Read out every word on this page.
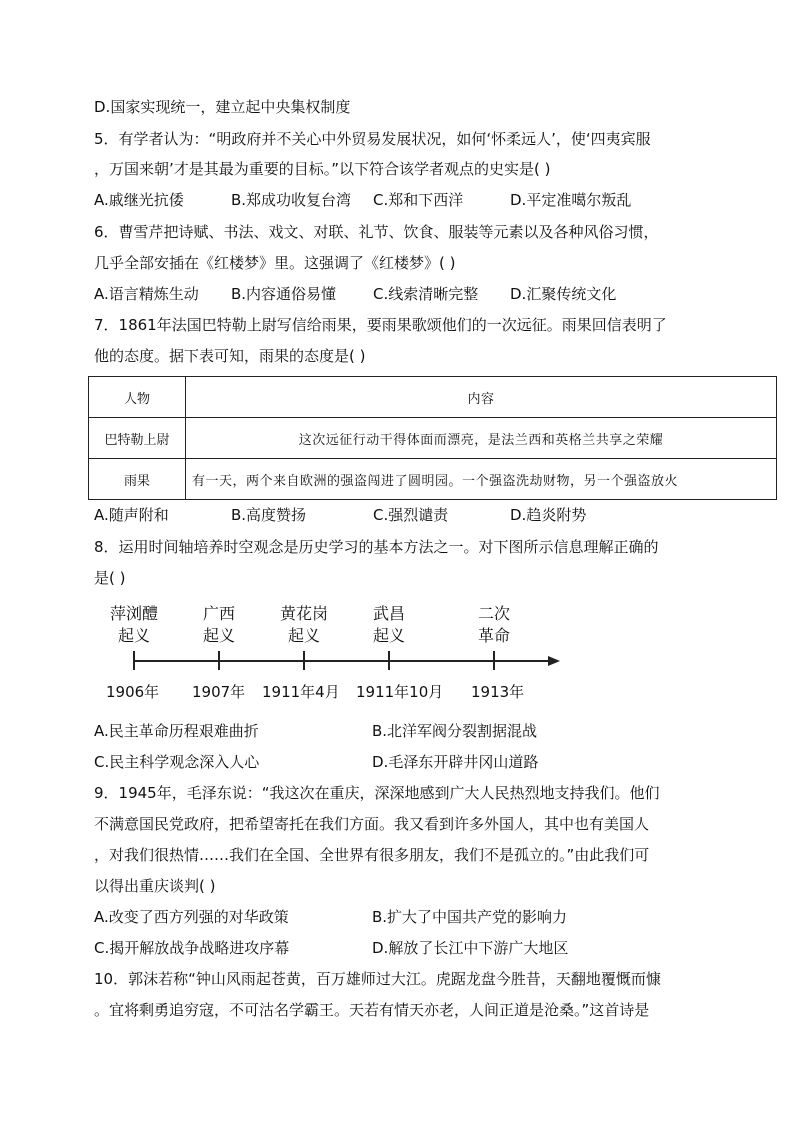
D.国家实现统一，建立起中央集权制度
5．有学者认为：“明政府并不关心中外贸易发展状况，如何‘怀柔远人’，使‘四夷宾服
，万国来朝’才是其最为重要的目标。”以下符合该学者观点的史实是( )
A.戚继光抗倭	B.郑成功收复台湾 C.郑和下西洋	D.平定准噶尔叛乱
6．曹雪芹把诗赋、书法、戏文、对联、礼节、饮食、服装等元素以及各种风俗习惯，
几乎全部安插在《红楼梦》里。这强调了《红楼梦》( )
A.语言精炼生动 B.内容通俗易懂 C.线索清晰完整 D.汇聚传统文化
7．1861年法国巴特勒上尉写信给雨果，要雨果歌颂他们的一次远征。雨果回信表明了
他的态度。据下表可知，雨果的态度是( )
人物	内容
巴特勒上尉	这次远征行动干得体面而漂亮，是法兰西和英格兰共享之荣耀
雨果	有一天，两个来自欧洲的强盗闯进了圆明园。一个强盗洗劫财物，另一个强盗放火
A.随声附和	B.高度赞扬	C.强烈谴责	D.趋炎附势
8．运用时间轴培养时空观念是历史学习的基本方法之一。对下图所示信息理解正确的
是( )
萍浏醴
起义
广西
起义
黄花岗
起义
武昌
起义
二次
革命
1906年 1907年 1911年4月 1911年10月 1913年
A.民主革命历程艰难曲折	B.北洋军阀分裂割据混战
C.民主科学观念深入人心	D.毛泽东开辟井冈山道路
9．1945年，毛泽东说：“我这次在重庆，深深地感到广大人民热烈地支持我们。他们
不满意国民党政府，把希望寄托在我们方面。我又看到许多外国人，其中也有美国人
，对我们很热情……我们在全国、全世界有很多朋友，我们不是孤立的。”由此我们可
以得出重庆谈判( )
A.改变了西方列强的对华政策	B.扩大了中国共产党的影响力
C.揭开解放战争战略进攻序幕	D.解放了长江中下游广大地区
10．郭沫若称“钟山风雨起苍黄，百万雄师过大江。虎踞龙盘今胜昔，天翻地覆慨而慷
。宜将剩勇追穷寇，不可沽名学霸王。天若有情天亦老，人间正道是沧桑。”这首诗是
